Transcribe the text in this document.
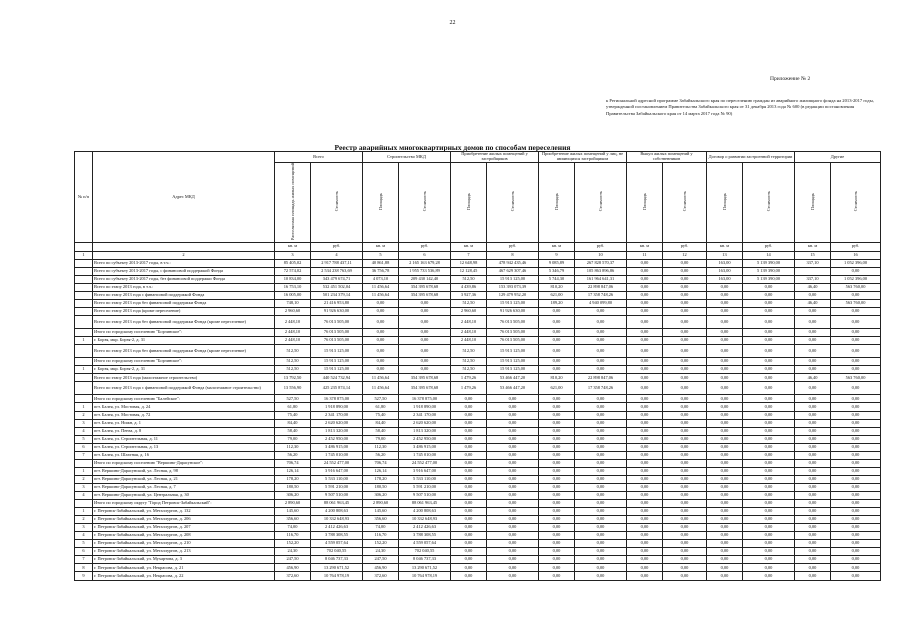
22
Приложение № 2
к Региональной адресной программе Забайкальского края по переселению граждан из аварийного жилищного фонда на 2013-2017 годы, утвержденной постановлением Правительства Забайкальского края от 31 декабря 2013 года № 600 (в редакции постановления Правительства Забайкальского края от 14 марта 2017 года № 90)
Реестр аварийных многоквартирных домов по способам переселения
№ п/п	Адрес МКД	Всего		Строительство МКД		Приобретение жилых помещений у застройщиков		Приобретение жилых помещений у лиц, не являющихся застройщиком		Выкуп жилых помещений у собственников		Договор о развитии застроенной территории		Другие	
		Расселяемая площадь жилых помещений	Стоимость	Площадь	Стоимость	Площадь	Стоимость	Площадь	Стоимость	Площадь	Стоимость	Площадь	Стоимость	Площадь	Стоимость
		кв. м	руб.	кв. м	руб.	кв. м	руб.	кв. м	руб.	кв. м	руб.	кв. м	руб.	кв. м	руб.
1	2	3	4	5	6	7	8	9	10	11	12	13	14	15	16
	Всего по субъекту 2013-2017 годы, в т.ч.:	85 405,02	2 917 788 437,11	40 861,88	2 165 163 679,28	12 648,98	478 942 435,46	9 085,89	267 828 570,37	0,00	0,00	163,00	5 139 390,00	337,10	1 052 396,00
	Всего по субъекту 2013-2017 годы, с финансовой поддержкой Фонда	72 574,02	2 534 238 763,69	36 756,78	1 955 733 536,89	12 128,45	467 629 307,46	5 346,79	105 863 896,86	0,00	0,00	163,00	5 139 390,00		0,00
	Всего по субъекту 2013-2017 годы, без финансовой поддержки Фонда	10 834,00	343 479 674,71	4 073,10	209 430 142,40	512,50	15 913 125,00	5 744,30	161 964 641,31	0,00	0,00	163,00	5 139 390,00	337,10	1 052 396,00
	Всего по этапу 2013 года, в т.ч.:	16 753,10	532 451 502,04	11 456,64	354 395 678,68	4 439,86	153 393 073,39	810,20	22 898 847,06	0,00	0,00	0,00	0,00	46,40	563 760,00
	Всего по этапу 2013 года с финансовой поддержкой Фонда	16 005,00	501 234 379,14	11 456,64	354 395 678,68	3 927,36	129 479 952,20	621,00	17 358 748,26	0,00	0,00	0,00	0,00	0,00	0,00
	Всего по этапу 2013 года без финансовой поддержки Фонда	748,10	21 416 953,80	0,00	0,00	512,50	15 913 125,00	189,20	4 940 099,80	0,00	0,00	0,00	0,00	46,40	563 760,00
	Всего по этапу 2013 года (кроме переселение)	2 960,60	91 926 630,00	0,00	0,00	2 960,60	91 926 630,00	0,00	0,00	0,00	0,00	0,00	0,00	0,00	0,00
	Всего по этапу 2013 года без финансовой поддержки Фонда (кроме переселение)	2 448,10	76 013 505,00	0,00	0,00	2 448,10	76 013 505,00	0,00	0,00	0,00	0,00	0,00	0,00	0,00	0,00
	Итого по городскому поселению "Борзинское":	2 448,10	76 013 505,00	0,00	0,00	2 448,10	76 013 505,00	0,00	0,00	0,00	0,00	0,00	0,00	0,00	0,00
1	г. Борзя, мкр. Борзя-2, д. 31	2 448,10	76 013 505,00	0,00	0,00	2 448,10	76 013 505,00	0,00	0,00	0,00	0,00	0,00	0,00	0,00	0,00
	Всего по этапу 2013 года без финансовой поддержки Фонда (кроме переселение)	512,50	15 913 125,00	0,00	0,00	512,50	15 913 125,00	0,00	0,00	0,00	0,00	0,00	0,00	0,00	0,00
	Итого по городскому поселению "Борзинское":	512,50	15 913 125,00	0,00	0,00	512,50	15 913 125,00	0,00	0,00	0,00	0,00	0,00	0,00	0,00	0,00
1	г. Борзя, мкр. Борзя-2, д. 31	512,50	15 913 125,00	0,00	0,00	512,50	15 913 125,00	0,00	0,00	0,00	0,00	0,00	0,00	0,00	0,00
	Всего по этапу 2013 года (малоэтажное строительство)	13 792,50	440 524 732,94	11 456,64	354 395 678,68	1 479,26	53 466 447,20	810,20	22 898 847,06	0,00	0,00	0,00	0,00	46,40	563 760,00
	Всего по этапу 2013 года с финансовой поддержкой Фонда (малоэтажное строительство)	13 556,90	425 235 874,14	11 456,64	354 395 678,68	1 479,26	53 466 447,20	621,00	17 358 748,26	0,00	0,00	0,00	0,00	0,00	0,00
	Итого по городскому поселению "Балейское":	527,50	16 378 875,00	527,50	16 378 875,00	0,00	0,00	0,00	0,00	0,00	0,00	0,00	0,00	0,00	0,00
1	пгт. Балея, ул. Мостовая, д. 24	61,80	1 918 890,00	61,80	1 918 890,00	0,00	0,00	0,00	0,00	0,00	0,00	0,00	0,00	0,00	0,00
2	пгт. Балея, ул. Мостовая, д. 72	75,40	2 341 170,00	75,40	2 341 170,00	0,00	0,00	0,00	0,00	0,00	0,00	0,00	0,00	0,00	0,00
3	пгт. Балея, ул. Нижн, д. 1	84,40	2 620 620,00	84,40	2 620 620,00	0,00	0,00	0,00	0,00	0,00	0,00	0,00	0,00	0,00	0,00
4	пгт. Балея, ул. Пенза, д. 8	58,40	1 813 320,00	58,40	1 813 320,00	0,00	0,00	0,00	0,00	0,00	0,00	0,00	0,00	0,00	0,00
5	пгт. Балея, ул. Строительная, д. 11	79,00	2 452 950,00	79,00	2 452 950,00	0,00	0,00	0,00	0,00	0,00	0,00	0,00	0,00	0,00	0,00
6	пгт. Балея, ул. Строительная, д. 13	112,30	3 486 915,00	112,30	3 486 915,00	0,00	0,00	0,00	0,00	0,00	0,00	0,00	0,00	0,00	0,00
7	пгт. Балея, ул. Шахтная, д. 16	56,20	1 745 010,00	56,20	1 745 010,00	0,00	0,00	0,00	0,00	0,00	0,00	0,00	0,00	0,00	0,00
	Итого по городскому поселению "Вершино-Дарасунское":	706,74	24 552 477,00	706,74	24 552 477,00	0,00	0,00	0,00	0,00	0,00	0,00	0,00	0,00	0,00	0,00
1	пгт. Вершино-Дарасунский, ул. Лесная, д. 98	126,14	3 916 647,00	126,14	3 916 647,00	0,00	0,00	0,00	0,00	0,00	0,00	0,00	0,00	0,00	0,00
2	пгт. Вершино-Дарасунский, ул. Лесная, д. 21	178,20	5 533 110,00	178,20	5 533 110,00	0,00	0,00	0,00	0,00	0,00	0,00	0,00	0,00	0,00	0,00
3	пгт. Вершино-Дарасунский, ул. Лесная, д. 7	180,50	5 591 210,00	180,50	5 591 210,00	0,00	0,00	0,00	0,00	0,00	0,00	0,00	0,00	0,00	0,00
4	пгт. Вершино-Дарасунский, ул. Центральная, д. 30	306,20	9 507 510,00	306,20	9 507 510,00	0,00	0,00	0,00	0,00	0,00	0,00	0,00	0,00	0,00	0,00
	Итого по городскому округу "Город Петровск-Забайкальский":	2 890,60	88 061 963,45	2 890,60	88 061 963,45	0,00	0,00	0,00	0,00	0,00	0,00	0,00	0,00	0,00	0,00
1	г. Петровск-Забайкальский, ул. Металлургов, д. 132	145,60	4 200 808,63	145,60	4 200 808,63	0,00	0,00	0,00	0,00	0,00	0,00	0,00	0,00	0,00	0,00
2	г. Петровск-Забайкальский, ул. Металлургов, д. 206	356,60	10 332 648,93	356,60	10 332 648,93	0,00	0,00	0,00	0,00	0,00	0,00	0,00	0,00	0,00	0,00
3	г. Петровск-Забайкальский, ул. Металлургов, д. 207	74,00	2 412 426,63	74,00	2 412 426,63	0,00	0,00	0,00	0,00	0,00	0,00	0,00	0,00	0,00	0,00
4	г. Петровск-Забайкальский, ул. Металлургов, д. 208	116,70	3 788 308,55	116,70	3 788 308,55	0,00	0,00	0,00	0,00	0,00	0,00	0,00	0,00	0,00	0,00
5	г. Петровск-Забайкальский, ул. Металлургов, д. 210	152,20	4 559 057,64	152,20	4 559 057,64	0,00	0,00	0,00	0,00	0,00	0,00	0,00	0,00	0,00	0,00
6	г. Петровск-Забайкальский, ул. Металлургов, д. 213	24,30	702 040,55	24,30	702 040,55	0,00	0,00	0,00	0,00	0,00	0,00	0,00	0,00	0,00	0,00
7	г. Петровск-Забайкальский, ул. Мухартова, д. 3	247,50	8 046 737,33	247,50	8 046 737,33	0,00	0,00	0,00	0,00	0,00	0,00	0,00	0,00	0,00	0,00
8	г. Петровск-Забайкальский, ул. Некрасова, д. 21	456,90	13 290 671,52	456,90	13 290 671,52	0,00	0,00	0,00	0,00	0,00	0,00	0,00	0,00	0,00	0,00
9	г. Петровск-Забайкальский, ул. Некрасова, д. 22	372,60	10 764 978,19	372,60	10 764 978,19	0,00	0,00	0,00	0,00	0,00	0,00	0,00	0,00	0,00	0,00
